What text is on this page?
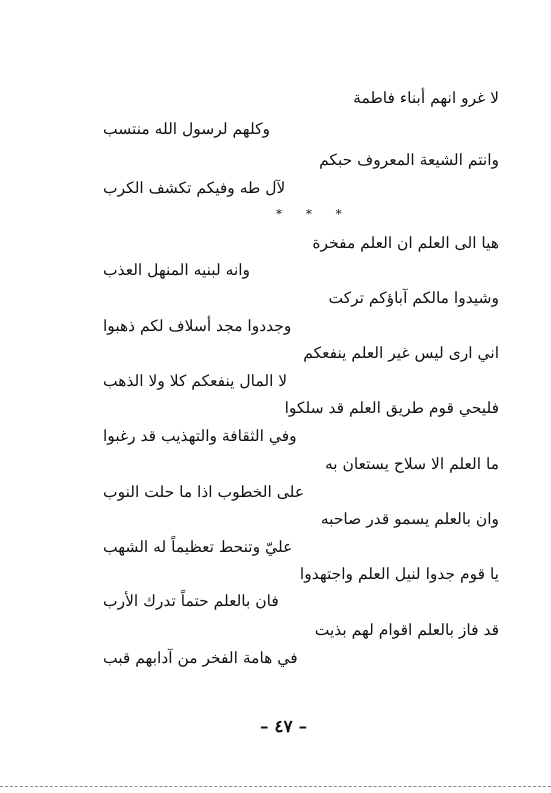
لا غرو انهم أبناء فاطمة

وكلهم لرسول الله منتسب

وانتم الشيعة المعروف حبكم

لآل طه وفيكم تكشف الكرب

* * *

هيا الى العلم ان العلم مفخرة

وانه لبنيه المنهل العذب

وشيدوا مالكم آباؤكم تركت

وجددوا مجد أسلاف لكم ذهبوا

اني ارى ليس غير العلم ينفعكم

لا المال ينفعكم كلا ولا الذهب

فليحي قوم طريق العلم قد سلكوا

وفي الثقافة والتهذيب قد رغبوا

ما العلم الا سلاح يستعان به

على الخطوب اذا ما حلت النوب

وان بالعلم يسمو قدر صاحبه

عليّ وتنحط تعظيماً له الشهب

يا قوم جدوا لنيل العلم واجتهدوا

فان بالعلم حتماً تدرك الأرب

قد فاز بالعلم اقوام لهم بذيت

في هامة الفخر من آدابهم قبب

– ٤٧ –
